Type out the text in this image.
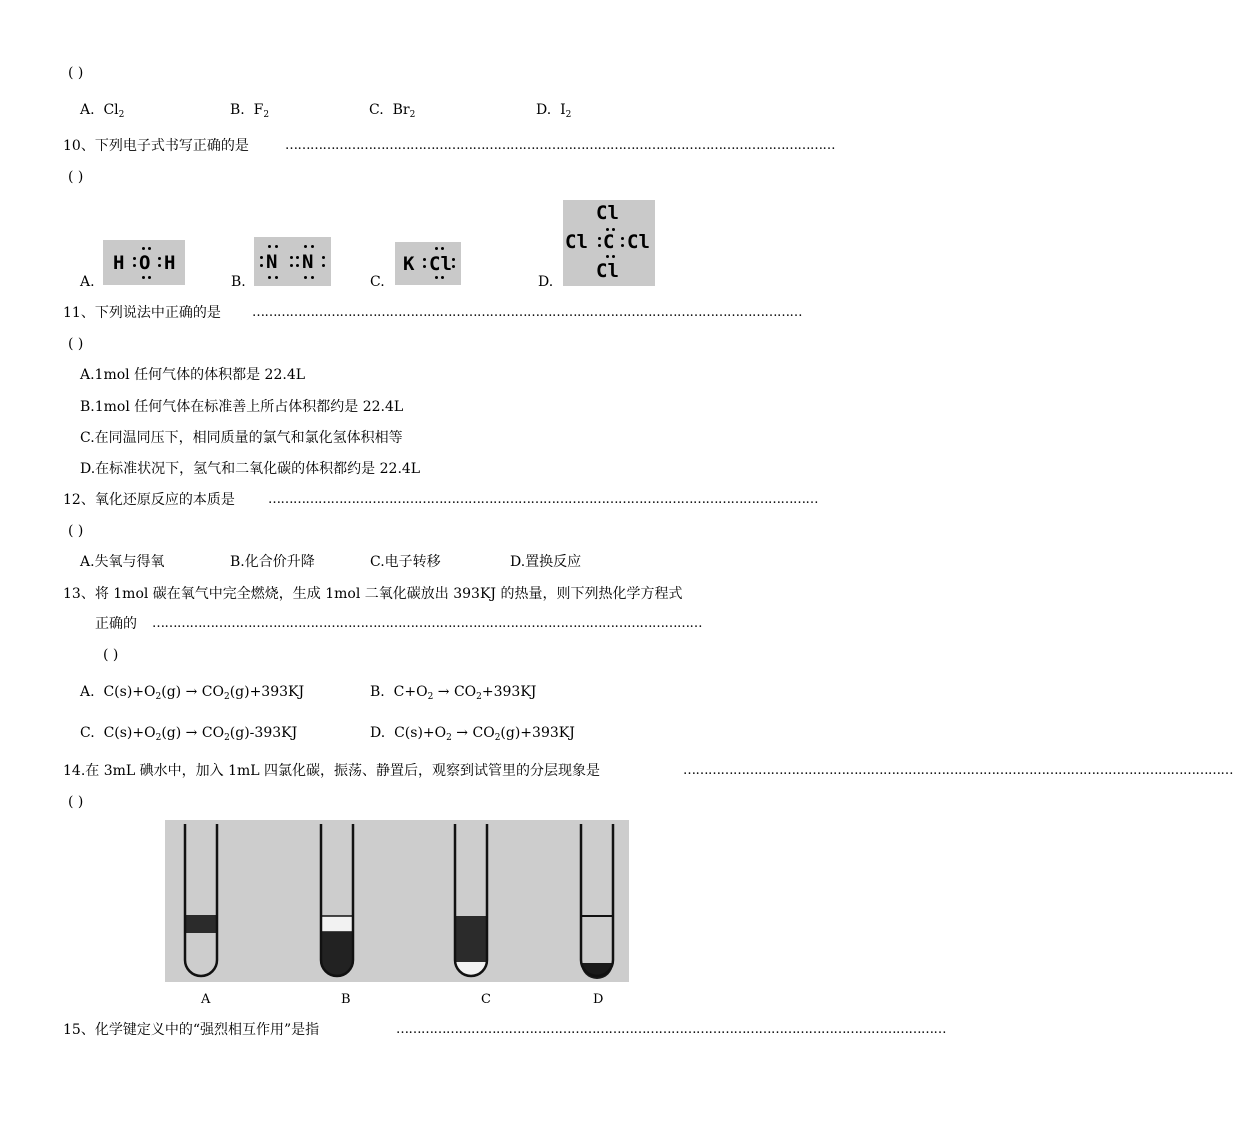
( )
A. $Cl_2$	B. $F_2$	C. $Br_2$	D. $I_2$
10、下列电子式书写正确的是	……………………………………………………………………………………………………………………
( )
A.
H O H
B.
N N
C.
K Cl
D.
Cl
Cl C Cl
Cl
11、下列说法中正确的是 ……………………………………………………………………………………………………………………
( )
A.1mol 任何气体的体积都是 22.4L
B.1mol 任何气体在标准善上所占体积都约是 22.4L
C.在同温同压下，相同质量的氯气和氯化氢体积相等
D.在标准状况下，氢气和二氧化碳的体积都约是 22.4L
12、氧化还原反应的本质是	……………………………………………………………………………………………………………………
( )
A.失氧与得氧	B.化合价升降	C.电子转移	D.置换反应
13、将 1mol 碳在氧气中完全燃烧，生成 1mol 二氧化碳放出 393KJ 的热量，则下列热化学方程式
正确的 ……………………………………………………………………………………………………………………
( )
A. $C(s)+O_2(g) \to CO_2(g)+393KJ$	B. $C+O_2 \to CO_2+393KJ$
C. $C(s)+O_2(g) \to CO_2(g)-393KJ$	D. $C(s)+O_2 \to CO_2(g)+393KJ$
14.在 3mL 碘水中，加入 1mL 四氯化碳，振荡、静置后，观察到试管里的分层现象是	……………………………………………………………………………………………………………………
( )
A	B	C	D
15、化学键定义中的“强烈相互作用”是指	……………………………………………………………………………………………………………………
